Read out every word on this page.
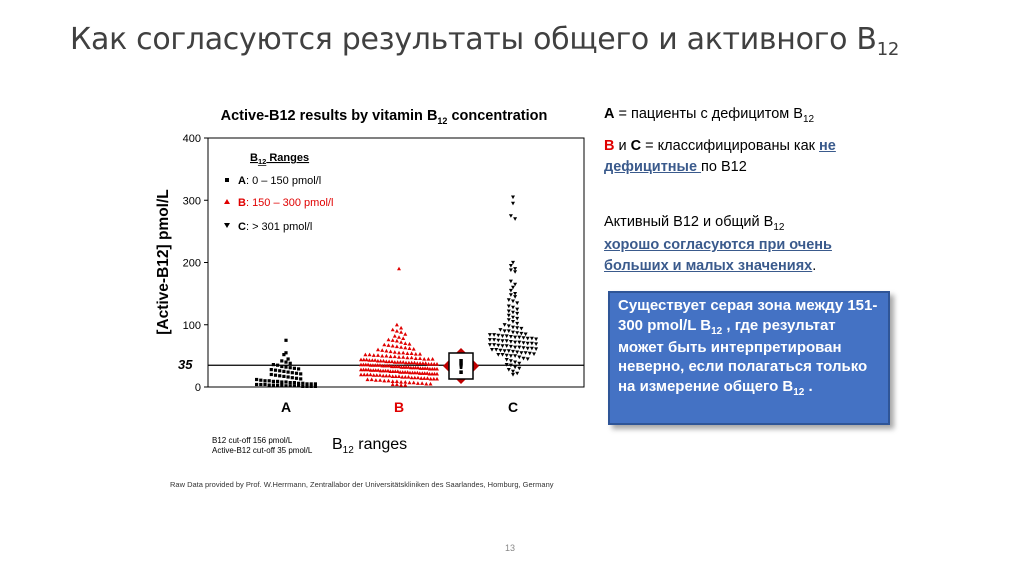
Как согласуются результаты общего и активного $B_{12}$
Active-B12 results by vitamin $B_{12}$ concentration
0
100
200
300
400
[Active-B12] pmol/L
35
$B_{12}$ Ranges
A: 0 – 150 pmol/l
B: 150 – 300 pmol/l
C: > 301 pmol/l
!
A	B	C
$B_{12}$ ranges
B12 cut-off 156 pmol/L
Active-B12 cut-off 35 pmol/L
Raw Data provided by Prof. W.Herrmann, Zentrallabor der Universitätskliniken des Saarlandes, Homburg, Germany
A = пациенты с дефицитом $B_{12}$
B и C = классифицированы как не дефицитные по B12
Активный B12 и общий $B_{12}$
хорошо согласуются при очень больших и малых значениях.
Существует серая зона между 151-300 pmol/L $B_{12}$ , где результат может быть интерпретирован неверно, если полагаться только на измерение общего $B_{12}$ .
13
